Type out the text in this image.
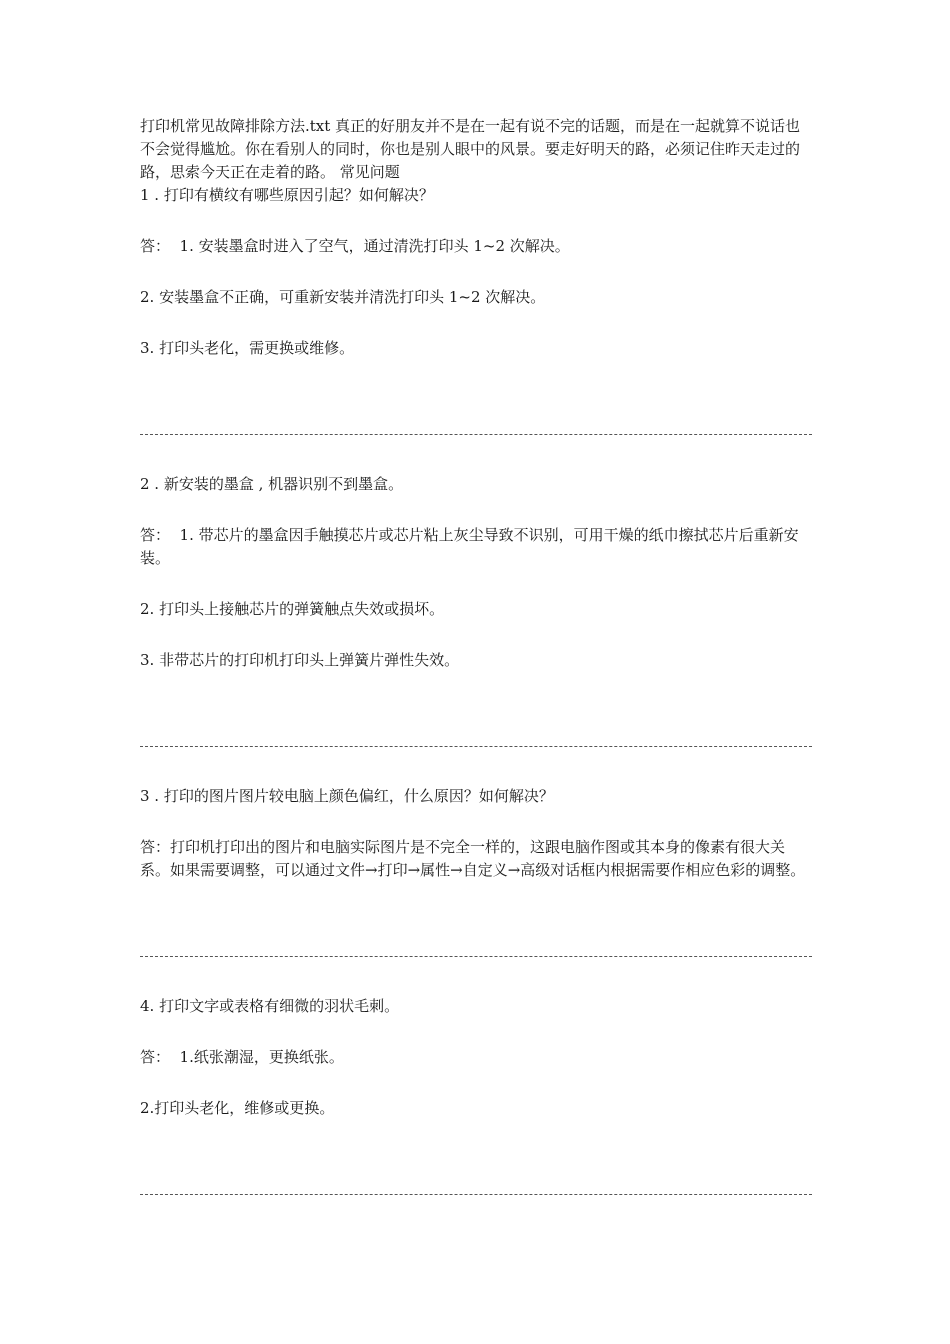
打印机常见故障排除方法.txt 真正的好朋友并不是在一起有说不完的话题，而是在一起就算不说话也不会觉得尴尬。你在看别人的同时，你也是别人眼中的风景。要走好明天的路，必须记住昨天走过的路，思索今天正在走着的路。 常见问题

1 . 打印有横纹有哪些原因引起？如何解决？

答：  1. 安装墨盒时进入了空气，通过清洗打印头 1~2 次解决。

2. 安装墨盒不正确，可重新安装并清洗打印头 1~2 次解决。

3. 打印头老化，需更换或维修。

2 . 新安装的墨盒 , 机器识别不到墨盒。

答：  1. 带芯片的墨盒因手触摸芯片或芯片粘上灰尘导致不识别，可用干燥的纸巾擦拭芯片后重新安装。

2. 打印头上接触芯片的弹簧触点失效或损坏。

3. 非带芯片的打印机打印头上弹簧片弹性失效。

3 . 打印的图片图片较电脑上颜色偏红，什么原因？如何解决？

答：打印机打印出的图片和电脑实际图片是不完全一样的，这跟电脑作图或其本身的像素有很大关系。如果需要调整，可以通过文件→打印→属性→自定义→高级对话框内根据需要作相应色彩的调整。

4. 打印文字或表格有细微的羽状毛刺。

答：  1.纸张潮湿，更换纸张。

2.打印头老化，维修或更换。
